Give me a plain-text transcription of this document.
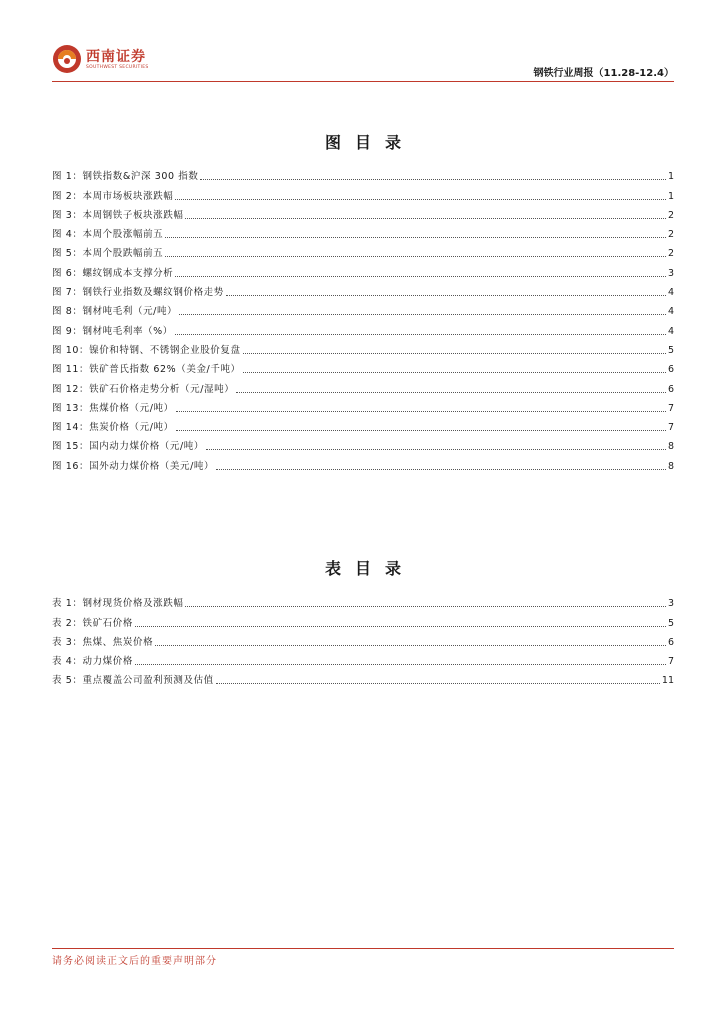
西南证券
SOUTHWEST SECURITIES
钢铁行业周报（11.28-12.4）
图目录
图 1：钢铁指数&沪深 300 指数	1
图 2：本周市场板块涨跌幅	1
图 3：本周钢铁子板块涨跌幅	2
图 4：本周个股涨幅前五	2
图 5：本周个股跌幅前五	2
图 6：螺纹钢成本支撑分析	3
图 7：钢铁行业指数及螺纹钢价格走势	4
图 8：钢材吨毛利（元/吨）	4
图 9：钢材吨毛利率（%）	4
图 10：镍价和特钢、不锈钢企业股价复盘	5
图 11：铁矿普氏指数 62%（美金/千吨）	6
图 12：铁矿石价格走势分析（元/湿吨）	6
图 13：焦煤价格（元/吨）	7
图 14：焦炭价格（元/吨）	7
图 15：国内动力煤价格（元/吨）	8
图 16：国外动力煤价格（美元/吨）	8
表目录
表 1：钢材现货价格及涨跌幅	3
表 2：铁矿石价格	5
表 3：焦煤、焦炭价格	6
表 4：动力煤价格	7
表 5：重点覆盖公司盈利预测及估值	11
请务必阅读正文后的重要声明部分
